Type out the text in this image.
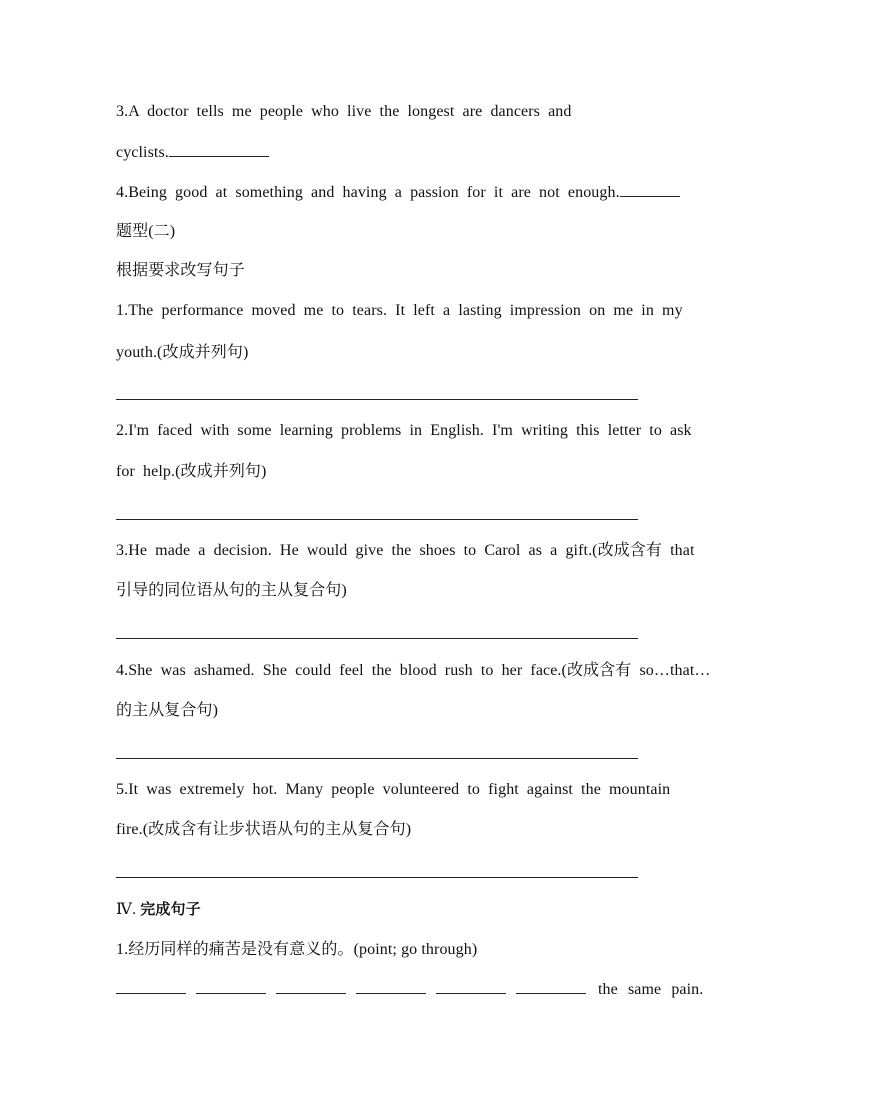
3.A doctor tells me people who live the longest are dancers and
cyclists.
4.Being good at something and having a passion for it are not enough.
题型(二)
根据要求改写句子
1.The performance moved me to tears. It left a lasting impression on me in my
youth.(改成并列句)
2.I'm faced with some learning problems in English. I'm writing this letter to ask
for help.(改成并列句)
3.He made a decision. He would give the shoes to Carol as a gift.(改成含有 that
引导的同位语从句的主从复合句)
4.She was ashamed. She could feel the blood rush to her face.(改成含有 so…that…
的主从复合句)
5.It was extremely hot. Many people volunteered to fight against the mountain
fire.(改成含有让步状语从句的主从复合句)
Ⅳ. 完成句子
1.经历同样的痛苦是没有意义的。(point; go through)
the same pain.
